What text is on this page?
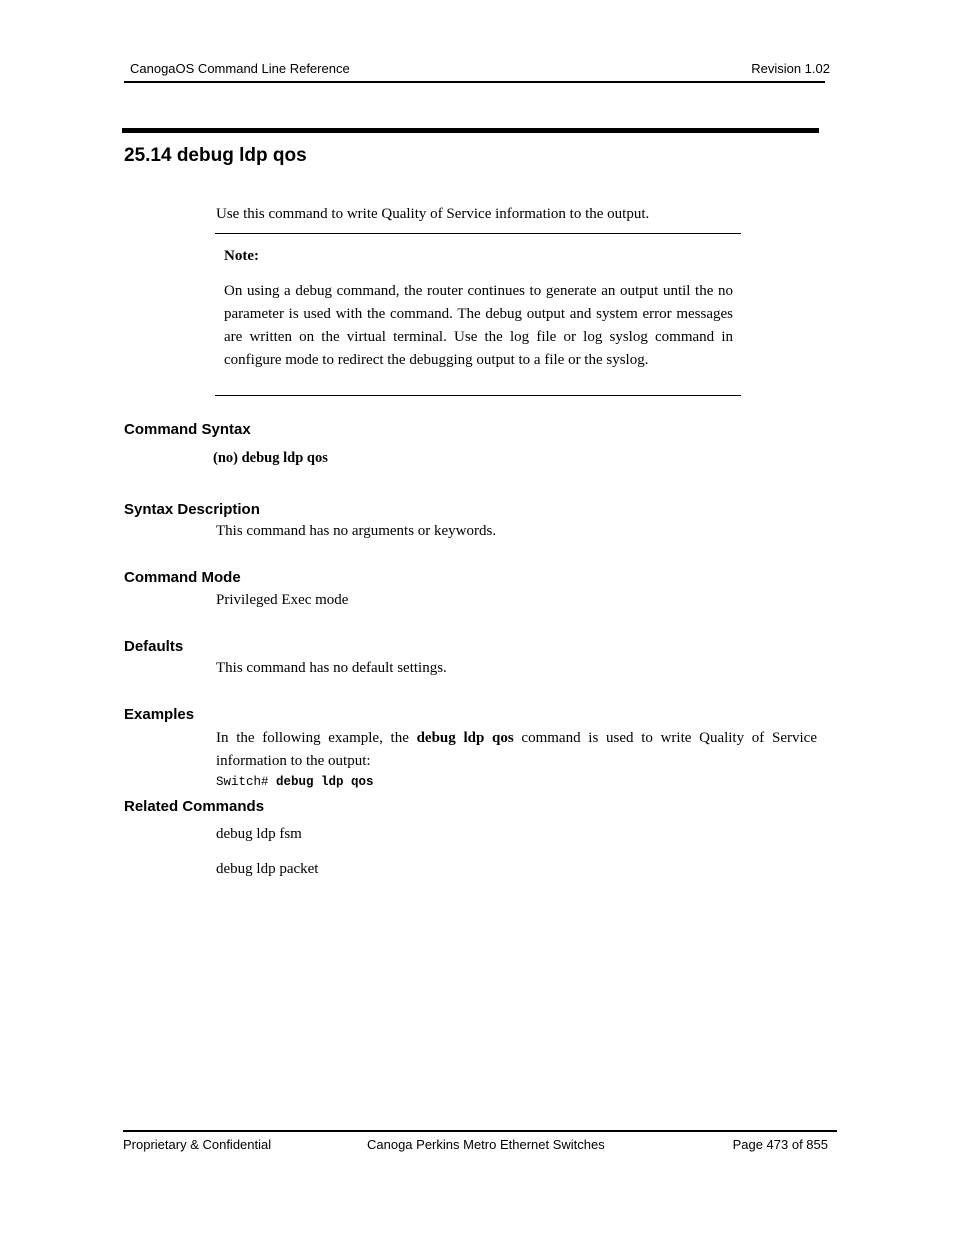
CanogaOS Command Line Reference	Revision 1.02
25.14 debug ldp qos
Use this command to write Quality of Service information to the output.
Note:
On using a debug command, the router continues to generate an output until the no parameter is used with the command. The debug output and system error messages are written on the virtual terminal. Use the log file or log syslog command in configure mode to redirect the debugging output to a file or the syslog.
Command Syntax
(no) debug ldp qos
Syntax Description
This command has no arguments or keywords.
Command Mode
Privileged Exec mode
Defaults
This command has no default settings.
Examples
In the following example, the debug ldp qos command is used to write Quality of Service information to the output:
Switch# debug ldp qos
Related Commands
debug ldp fsm
debug ldp packet
Proprietary & Confidential	Canoga Perkins Metro Ethernet Switches	Page 473 of 855
